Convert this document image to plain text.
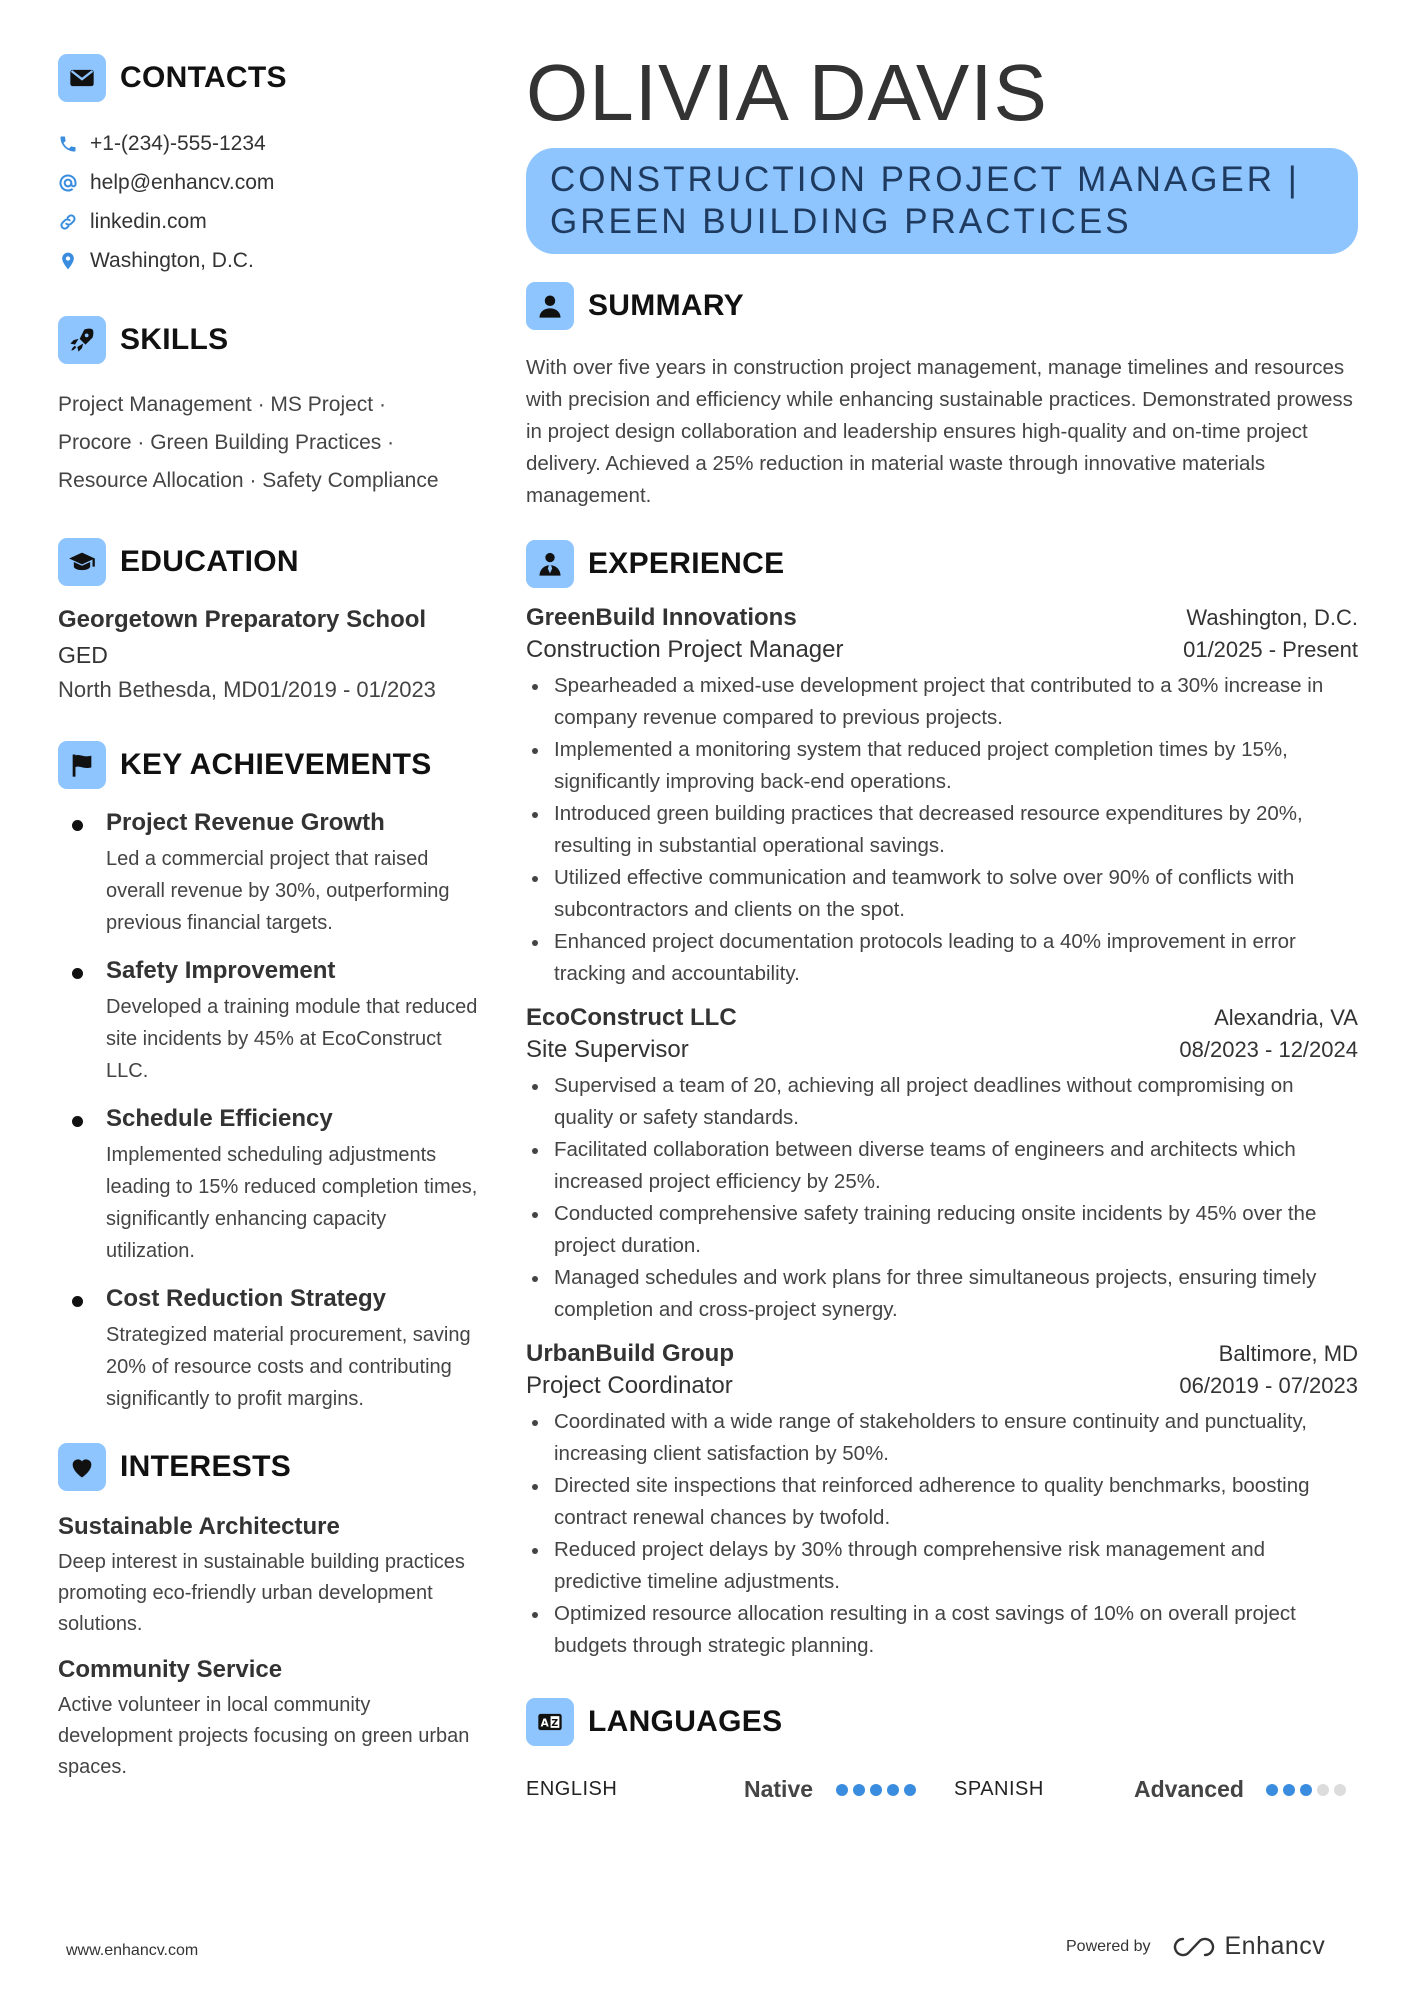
CONTACTS
+1-(234)-555-1234
help@enhancv.com
linkedin.com
Washington, D.C.
SKILLS
Project Management · MS Project ·
Procore · Green Building Practices ·
Resource Allocation · Safety Compliance
EDUCATION
Georgetown Preparatory School
GED
North Bethesda, MD 01/2019 - 01/2023
KEY ACHIEVEMENTS
Project Revenue Growth
Led a commercial project that raised overall revenue by 30%, outperforming previous financial targets.
Safety Improvement
Developed a training module that reduced site incidents by 45% at EcoConstruct LLC.
Schedule Efficiency
Implemented scheduling adjustments leading to 15% reduced completion times, significantly enhancing capacity utilization.
Cost Reduction Strategy
Strategized material procurement, saving 20% of resource costs and contributing significantly to profit margins.
INTERESTS
Sustainable Architecture
Deep interest in sustainable building practices promoting eco-friendly urban development solutions.
Community Service
Active volunteer in local community development projects focusing on green urban spaces.
OLIVIA DAVIS
CONSTRUCTION PROJECT MANAGER |
GREEN BUILDING PRACTICES
SUMMARY
With over five years in construction project management, manage timelines and resources with precision and efficiency while enhancing sustainable practices. Demonstrated prowess in project design collaboration and leadership ensures high-quality and on-time project delivery. Achieved a 25% reduction in material waste through innovative materials management.
EXPERIENCE
GreenBuild Innovations	Washington, D.C.
Construction Project Manager	01/2025 - Present
Spearheaded a mixed-use development project that contributed to a 30% increase in company revenue compared to previous projects.
Implemented a monitoring system that reduced project completion times by 15%, significantly improving back-end operations.
Introduced green building practices that decreased resource expenditures by 20%, resulting in substantial operational savings.
Utilized effective communication and teamwork to solve over 90% of conflicts with subcontractors and clients on the spot.
Enhanced project documentation protocols leading to a 40% improvement in error tracking and accountability.
EcoConstruct LLC	Alexandria, VA
Site Supervisor	08/2023 - 12/2024
Supervised a team of 20, achieving all project deadlines without compromising on quality or safety standards.
Facilitated collaboration between diverse teams of engineers and architects which increased project efficiency by 25%.
Conducted comprehensive safety training reducing onsite incidents by 45% over the project duration.
Managed schedules and work plans for three simultaneous projects, ensuring timely completion and cross-project synergy.
UrbanBuild Group	Baltimore, MD
Project Coordinator	06/2019 - 07/2023
Coordinated with a wide range of stakeholders to ensure continuity and punctuality, increasing client satisfaction by 50%.
Directed site inspections that reinforced adherence to quality benchmarks, boosting contract renewal chances by twofold.
Reduced project delays by 30% through comprehensive risk management and predictive timeline adjustments.
Optimized resource allocation resulting in a cost savings of 10% on overall project budgets through strategic planning.
A Z LANGUAGES
ENGLISH	Native	SPANISH	Advanced
www.enhancv.com	Powered by	Enhancv
